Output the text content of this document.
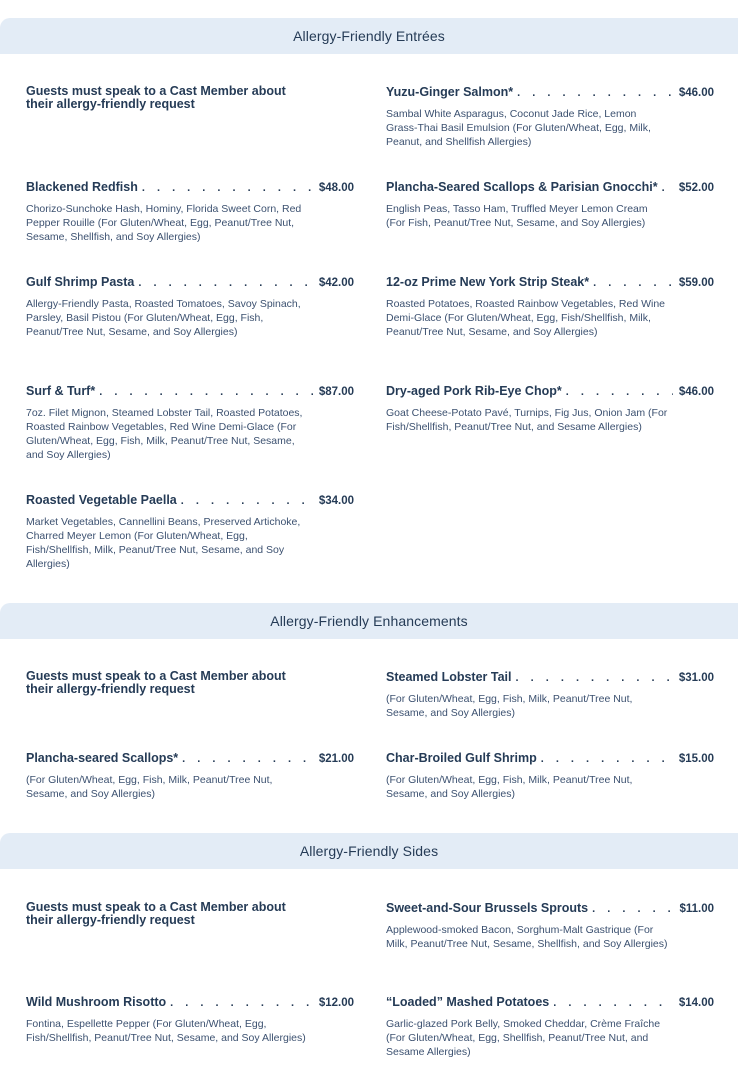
Allergy-Friendly Entrées
Guests must speak to a Cast Member about their allergy-friendly request
Yuzu-Ginger Salmon* . . .	$46.00
Sambal White Asparagus, Coconut Jade Rice, Lemon Grass-Thai Basil Emulsion (For Gluten/Wheat, Egg, Milk, Peanut, and Shellfish Allergies)
Blackened Redfish . . .	$48.00
Chorizo-Sunchoke Hash, Hominy, Florida Sweet Corn, Red Pepper Rouille (For Gluten/Wheat, Egg, Peanut/Tree Nut, Sesame, Shellfish, and Soy Allergies)
Plancha-Seared Scallops & Parisian Gnocchi* . . . $52.00
English Peas, Tasso Ham, Truffled Meyer Lemon Cream (For Fish, Peanut/Tree Nut, Sesame, and Soy Allergies)
Gulf Shrimp Pasta . . .	$42.00
Allergy-Friendly Pasta, Roasted Tomatoes, Savoy Spinach, Parsley, Basil Pistou (For Gluten/Wheat, Egg, Fish, Peanut/Tree Nut, Sesame, and Soy Allergies)
12-oz Prime New York Strip Steak* . . .	$59.00
Roasted Potatoes, Roasted Rainbow Vegetables, Red Wine Demi-Glace (For Gluten/Wheat, Egg, Fish/Shellfish, Milk, Peanut/Tree Nut, Sesame, and Soy Allergies)
Surf & Turf* . . .	$87.00
7oz. Filet Mignon, Steamed Lobster Tail, Roasted Potatoes, Roasted Rainbow Vegetables, Red Wine Demi-Glace (For Gluten/Wheat, Egg, Fish, Milk, Peanut/Tree Nut, Sesame, and Soy Allergies)
Dry-aged Pork Rib-Eye Chop* . . .	$46.00
Goat Cheese-Potato Pavé, Turnips, Fig Jus, Onion Jam (For Fish/Shellfish, Peanut/Tree Nut, and Sesame Allergies)
Roasted Vegetable Paella . . .	$34.00
Market Vegetables, Cannellini Beans, Preserved Artichoke, Charred Meyer Lemon (For Gluten/Wheat, Egg, Fish/Shellfish, Milk, Peanut/Tree Nut, Sesame, and Soy Allergies)
Allergy-Friendly Enhancements
Guests must speak to a Cast Member about their allergy-friendly request
Steamed Lobster Tail . . .	$31.00
(For Gluten/Wheat, Egg, Fish, Milk, Peanut/Tree Nut, Sesame, and Soy Allergies)
Plancha-seared Scallops* . . .	$21.00
(For Gluten/Wheat, Egg, Fish, Milk, Peanut/Tree Nut, Sesame, and Soy Allergies)
Char-Broiled Gulf Shrimp . . .	$15.00
(For Gluten/Wheat, Egg, Fish, Milk, Peanut/Tree Nut, Sesame, and Soy Allergies)
Allergy-Friendly Sides
Guests must speak to a Cast Member about their allergy-friendly request
Sweet-and-Sour Brussels Sprouts . . .	$11.00
Applewood-smoked Bacon, Sorghum-Malt Gastrique (For Milk, Peanut/Tree Nut, Sesame, Shellfish, and Soy Allergies)
Wild Mushroom Risotto . . .	$12.00
Fontina, Espellette Pepper (For Gluten/Wheat, Egg, Fish/Shellfish, Peanut/Tree Nut, Sesame, and Soy Allergies)
“Loaded” Mashed Potatoes . . .	$14.00
Garlic-glazed Pork Belly, Smoked Cheddar, Crème Fraîche (For Gluten/Wheat, Egg, Shellfish, Peanut/Tree Nut, and Sesame Allergies)
